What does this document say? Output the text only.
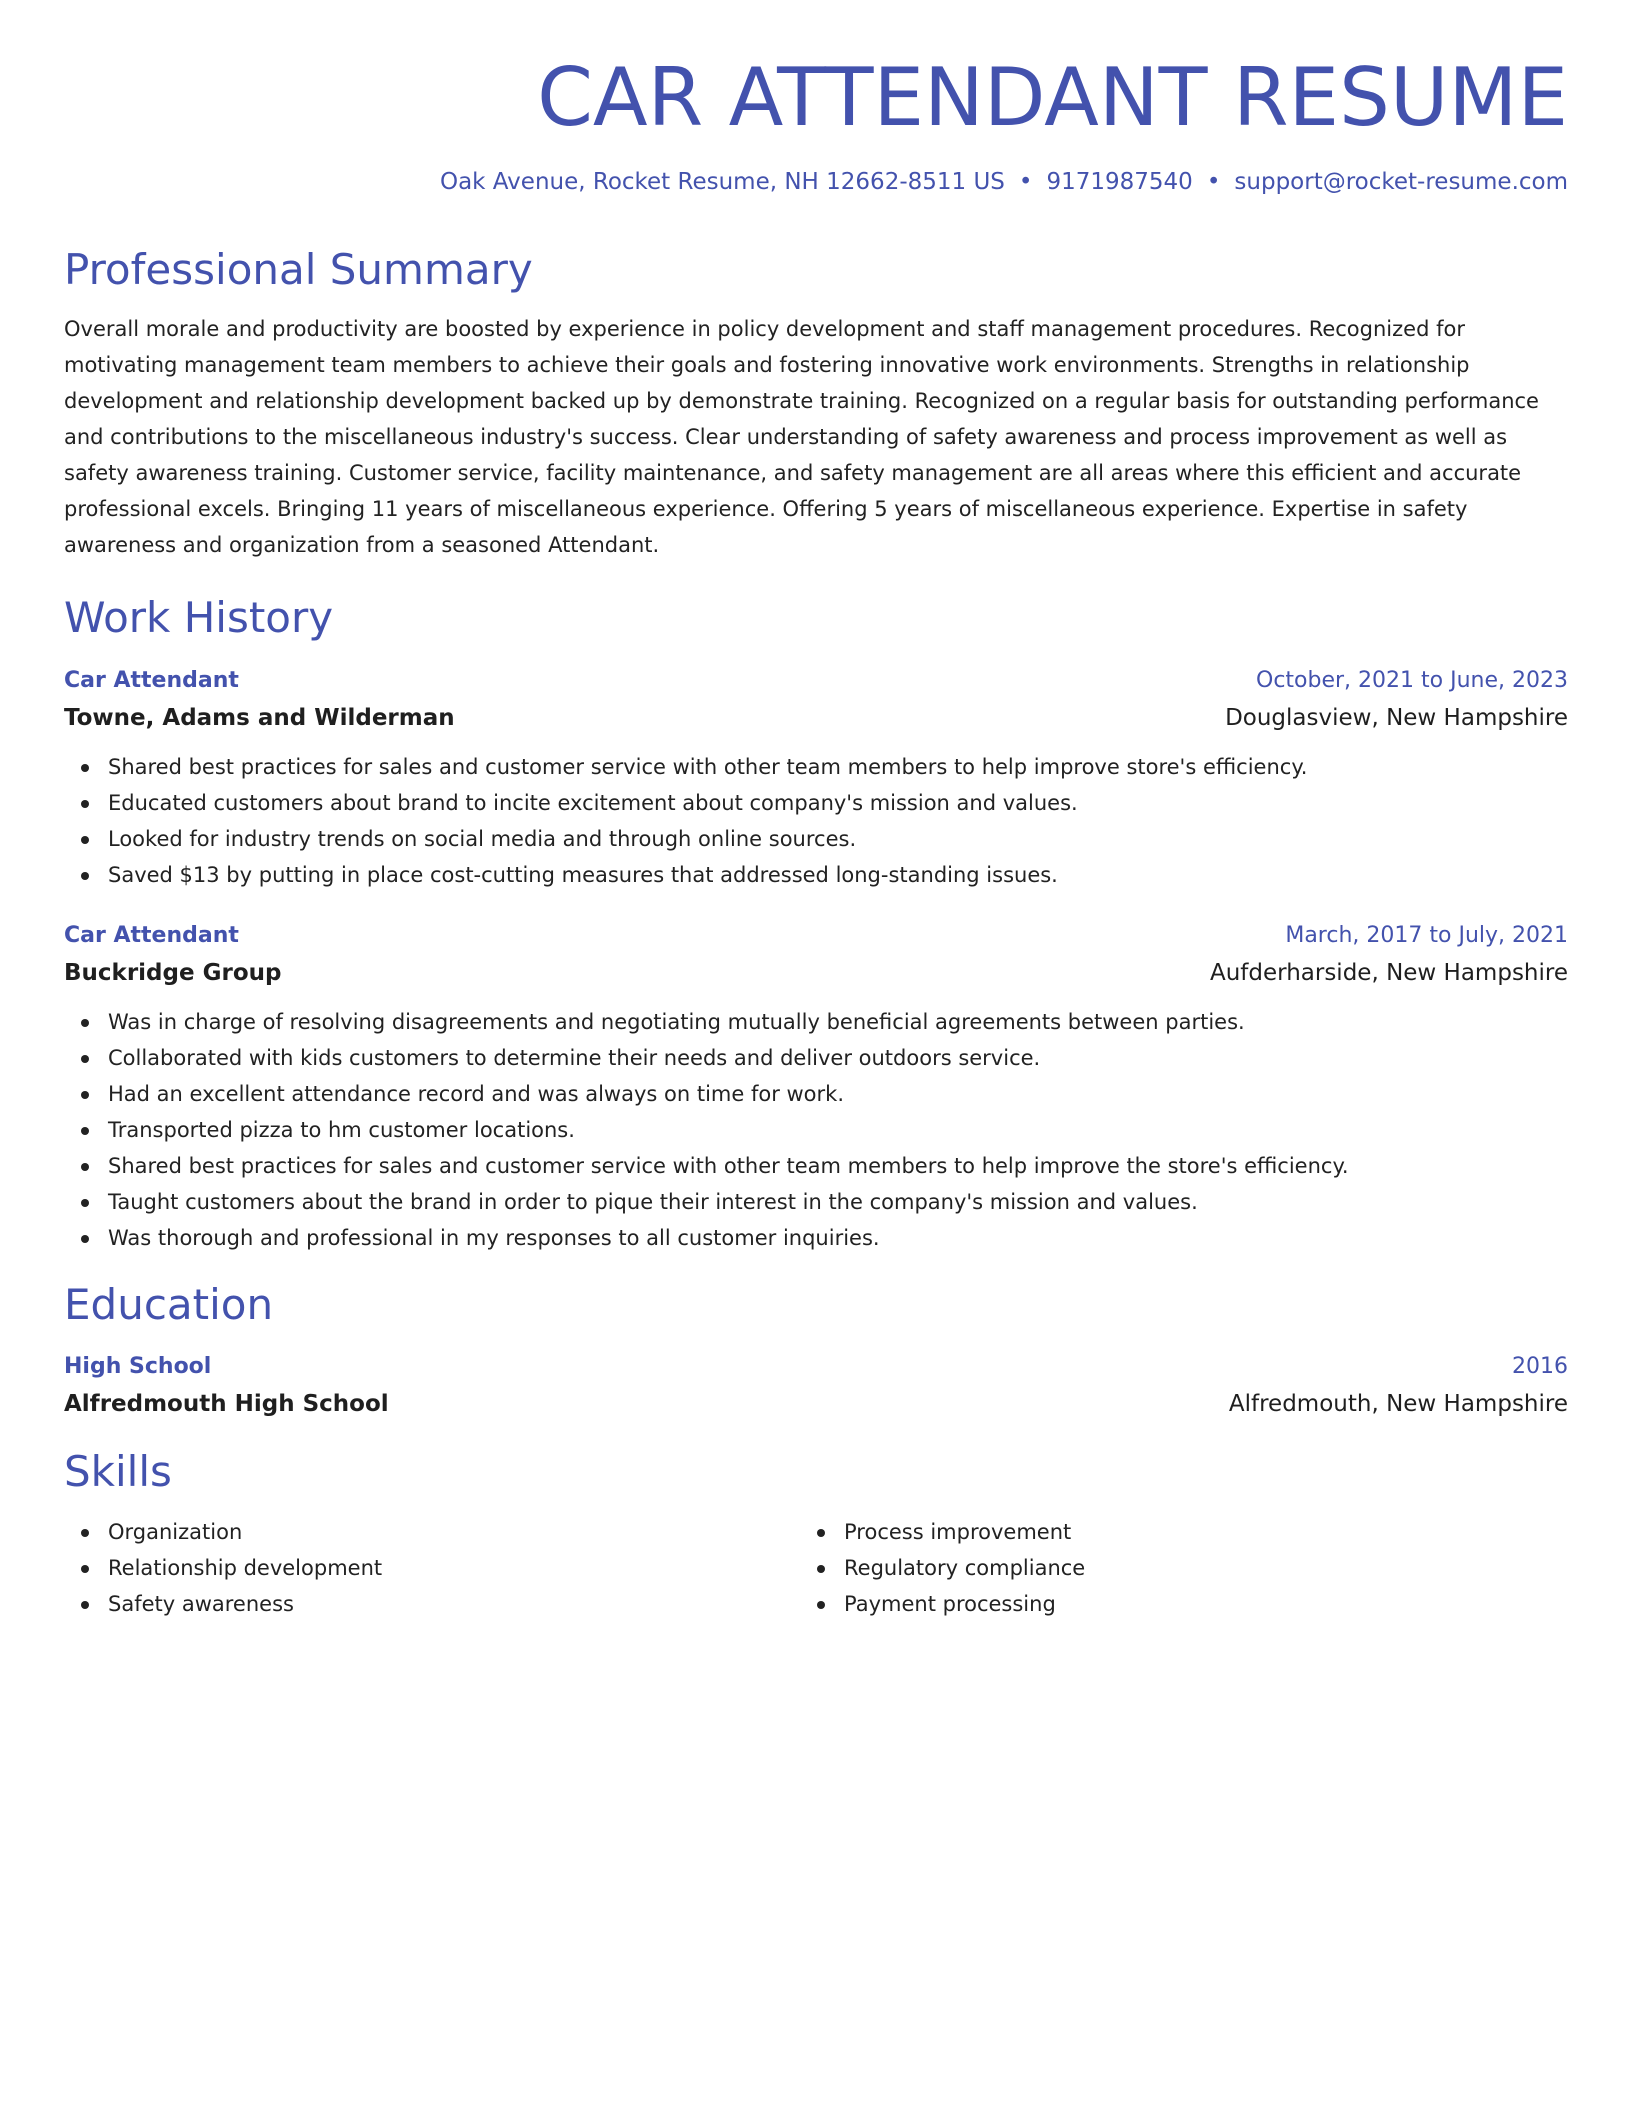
CAR ATTENDANT RESUME
Oak Avenue, Rocket Resume, NH 12662-8511 US • 9171987540 • support@rocket-resume.com
Professional Summary
Overall morale and productivity are boosted by experience in policy development and staff management procedures. Recognized for motivating management team members to achieve their goals and fostering innovative work environments. Strengths in relationship development and relationship development backed up by demonstrate training. Recognized on a regular basis for outstanding performance and contributions to the miscellaneous industry's success. Clear understanding of safety awareness and process improvement as well as safety awareness training. Customer service, facility maintenance, and safety management are all areas where this efficient and accurate professional excels. Bringing 11 years of miscellaneous experience. Offering 5 years of miscellaneous experience. Expertise in safety awareness and organization from a seasoned Attendant.
Work History
Car Attendant	October, 2021 to June, 2023
Towne, Adams and Wilderman	Douglasview, New Hampshire
Shared best practices for sales and customer service with other team members to help improve store's efficiency.
Educated customers about brand to incite excitement about company's mission and values.
Looked for industry trends on social media and through online sources.
Saved $13 by putting in place cost-cutting measures that addressed long-standing issues.
Car Attendant	March, 2017 to July, 2021
Buckridge Group	Aufderharside, New Hampshire
Was in charge of resolving disagreements and negotiating mutually beneficial agreements between parties.
Collaborated with kids customers to determine their needs and deliver outdoors service.
Had an excellent attendance record and was always on time for work.
Transported pizza to hm customer locations.
Shared best practices for sales and customer service with other team members to help improve the store's efficiency.
Taught customers about the brand in order to pique their interest in the company's mission and values.
Was thorough and professional in my responses to all customer inquiries.
Education
High School	2016
Alfredmouth High School	Alfredmouth, New Hampshire
Skills
Organization
Relationship development
Safety awareness
Process improvement
Regulatory compliance
Payment processing
